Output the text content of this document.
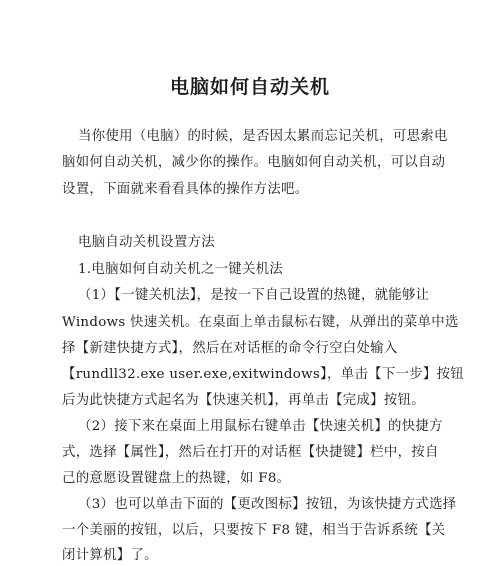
电脑如何自动关机
当你使用（电脑）的时候，是否因太累而忘记关机，可思索电
脑如何自动关机，减少你的操作。电脑如何自动关机，可以自动
设置，下面就来看看具体的操作方法吧。
电脑自动关机设置方法
1.电脑如何自动关机之一键关机法
（1）【一键关机法】，是按一下自己设置的热键，就能够让
Windows 快速关机。在桌面上单击鼠标右键，从弹出的菜单中选
择【新建快捷方式】，然后在对话框的命令行空白处输入
【rundll32.exe user.exe,exitwindows】，单击【下一步】按钮
后为此快捷方式起名为【快速关机】，再单击【完成】按钮。
（2）接下来在桌面上用鼠标右键单击【快速关机】的快捷方
式，选择【属性】，然后在打开的对话框【快捷键】栏中，按自
己的意愿设置键盘上的热键，如 F8。
（3）也可以单击下面的【更改图标】按钮，为该快捷方式选择
一个美丽的按钮，以后，只要按下 F8 键，相当于告诉系统【关
闭计算机】了。
